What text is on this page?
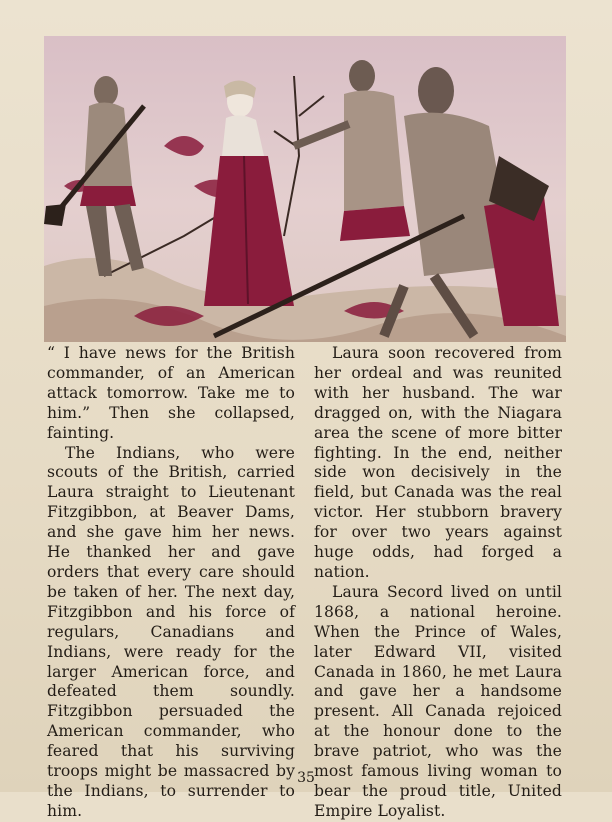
“ I have news for the British commander, of an American attack tomorrow. Take me to him.” Then she collapsed, fainting.

The Indians, who were scouts of the British, carried Laura straight to Lieutenant Fitzgibbon, at Beaver Dams, and she gave him her news. He thanked her and gave orders that every care should be taken of her. The next day, Fitzgibbon and his force of regulars, Canadians and Indians, were ready for the larger American force, and defeated them soundly. Fitzgibbon persuaded the American commander, who feared that his surviving troops might be massacred by the Indians, to surrender to him.

Laura soon recovered from her ordeal and was reunited with her husband. The war dragged on, with the Niagara area the scene of more bitter fighting. In the end, neither side won decisively in the field, but Canada was the real victor. Her stubborn bravery for over two years against huge odds, had forged a nation.

Laura Secord lived on until 1868, a national heroine. When the Prince of Wales, later Edward VII, visited Canada in 1860, he met Laura and gave her a handsome present. All Canada rejoiced at the honour done to the brave patriot, who was the most famous living woman to bear the proud title, United Empire Loyalist.

35
